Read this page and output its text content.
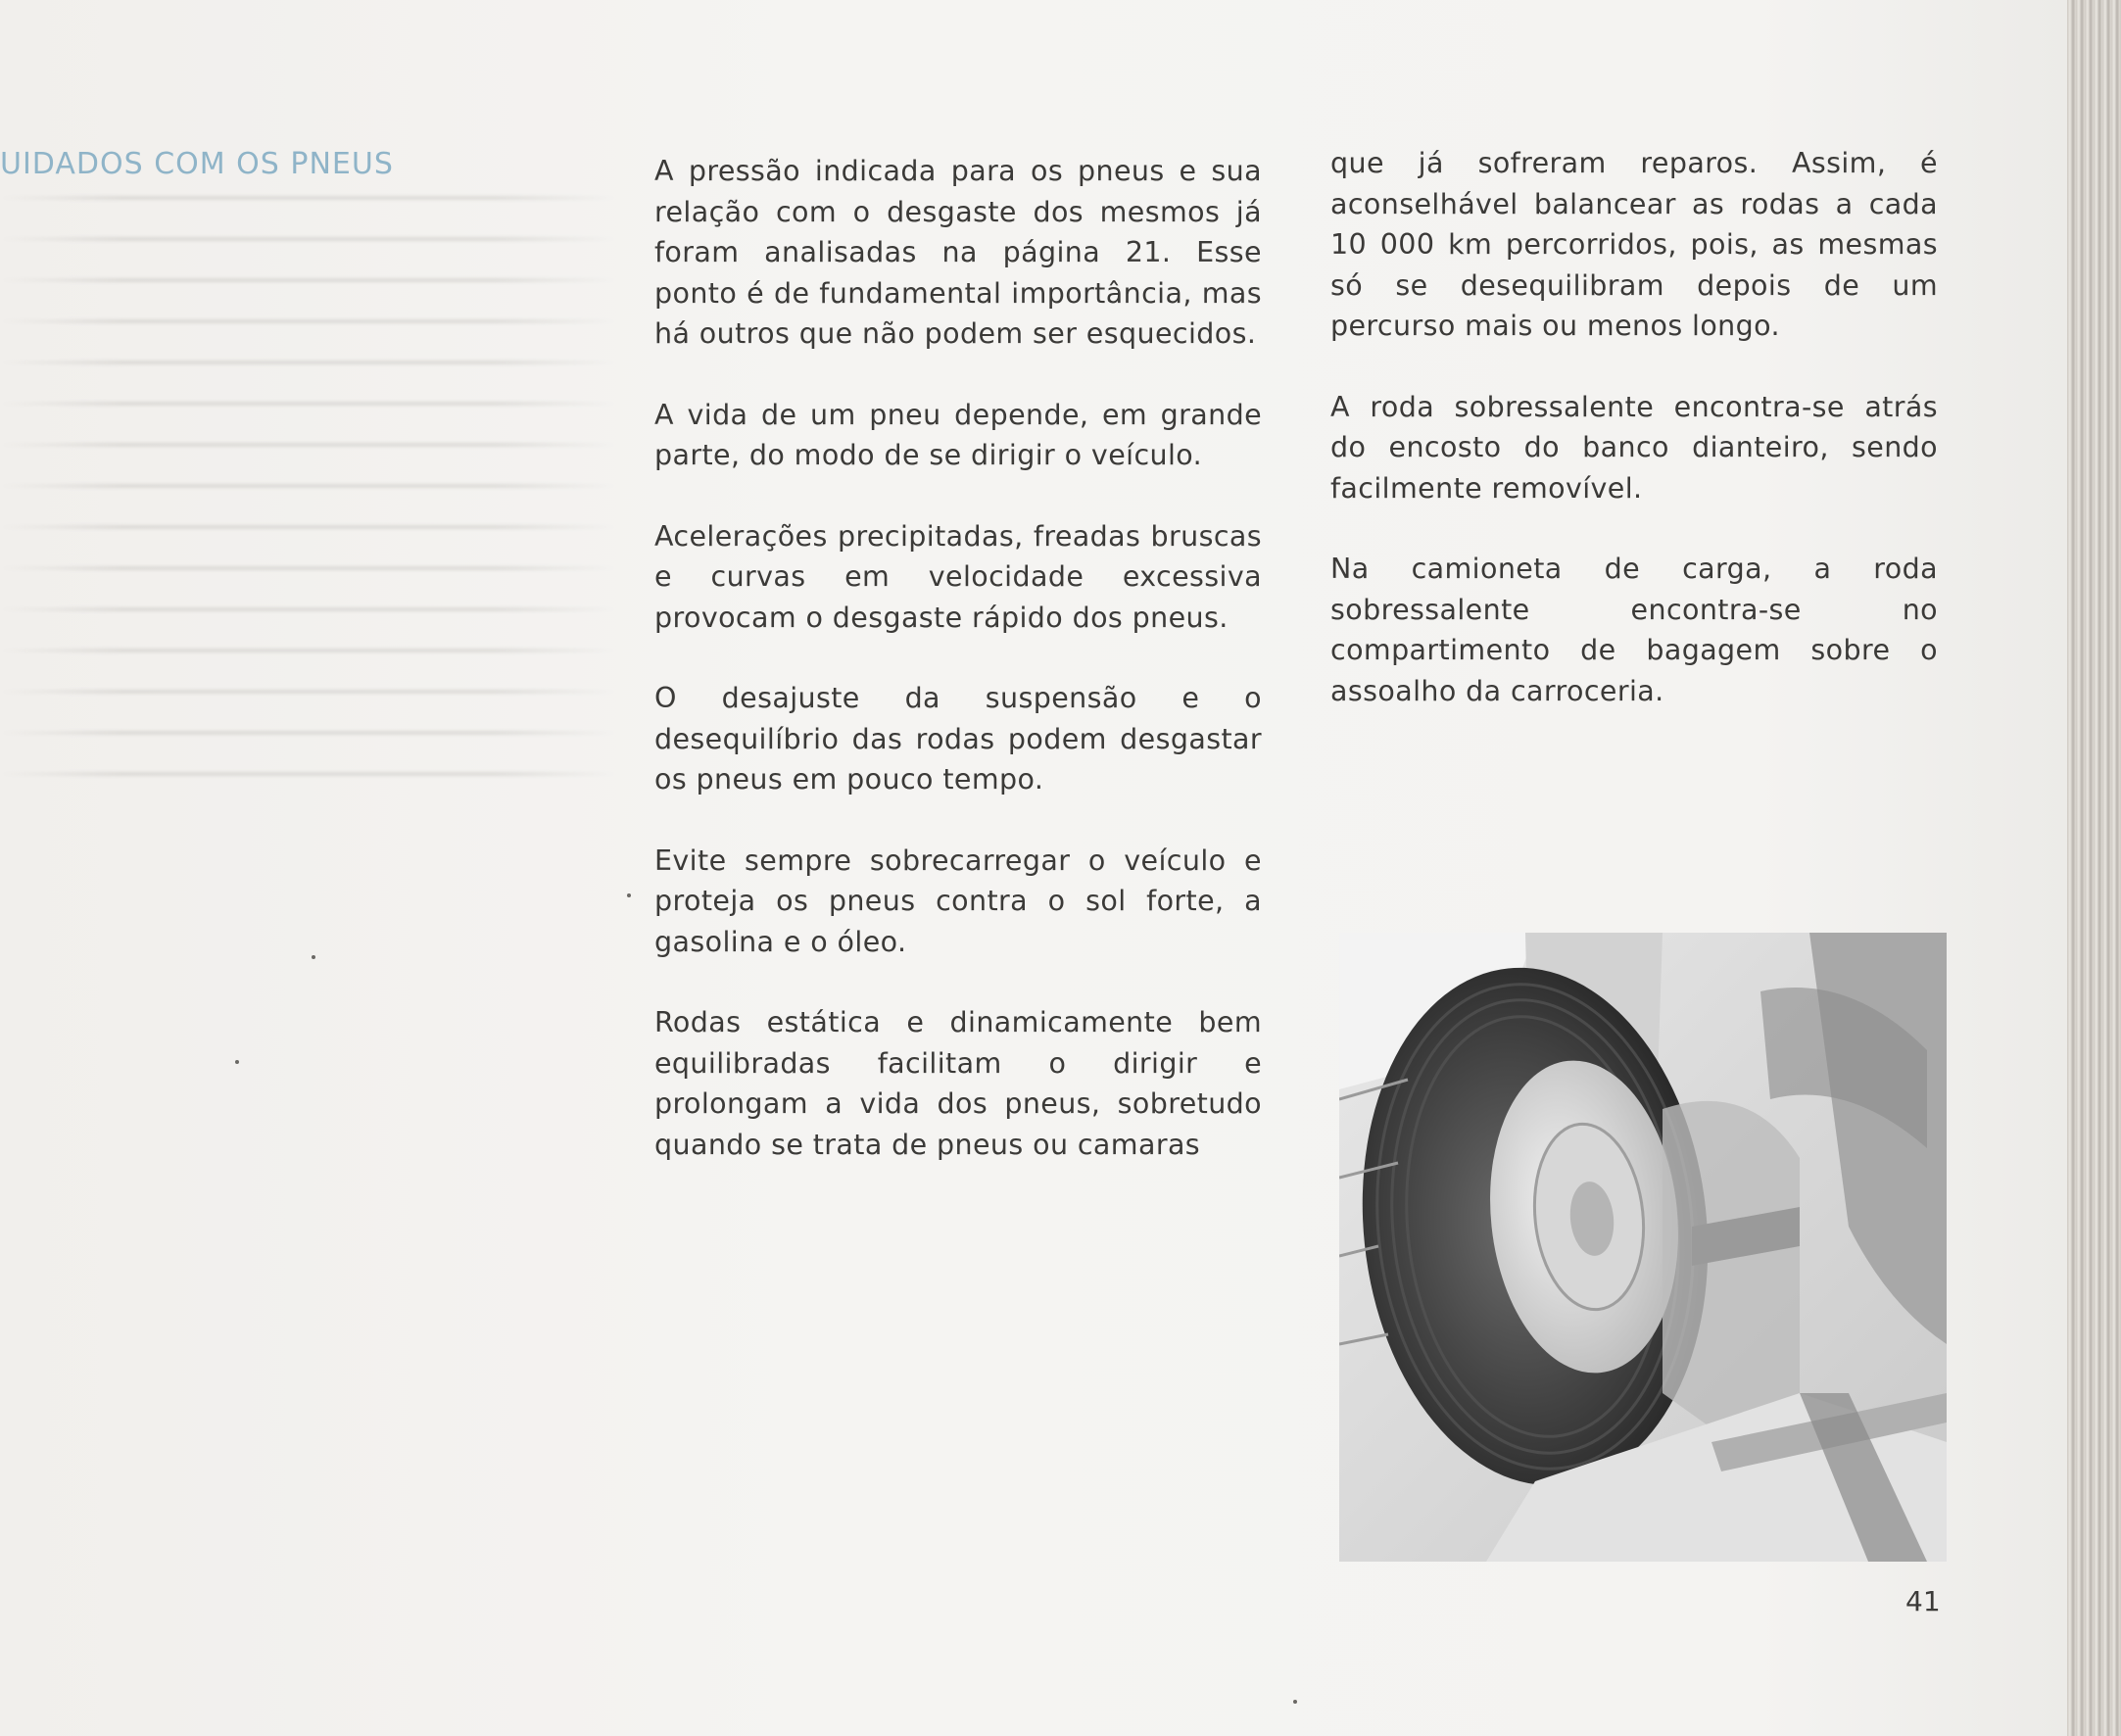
UIDADOS COM OS PNEUS	A pressão indicada para os pneus e sua relação com o desgaste dos mesmos já foram analisadas na página 21. Esse ponto é de fundamental importância, mas há outros que não podem ser esquecidos.

A vida de um pneu depende, em grande parte, do modo de se dirigir o veículo.

Acelerações precipitadas, freadas bruscas e curvas em velocidade excessiva provocam o desgaste rápido dos pneus.

O desajuste da suspensão e o desequilíbrio das rodas podem desgastar os pneus em pouco tempo.

Evite sempre sobrecarregar o veículo e proteja os pneus contra o sol forte, a gasolina e o óleo.

Rodas estática e dinamicamente bem equilibradas facilitam o dirigir e prolongam a vida dos pneus, sobretudo quando se trata de pneus ou camaras

que já sofreram reparos. Assim, é aconselhável balancear as rodas a cada 10 000 km percorridos, pois, as mesmas só se desequilibram depois de um percurso mais ou menos longo.

A roda sobressalente encontra-se atrás do encosto do banco dianteiro, sendo facilmente removível.

Na camioneta de carga, a roda sobressalente encontra-se no compartimento de bagagem sobre o assoalho da carroceria.

41
